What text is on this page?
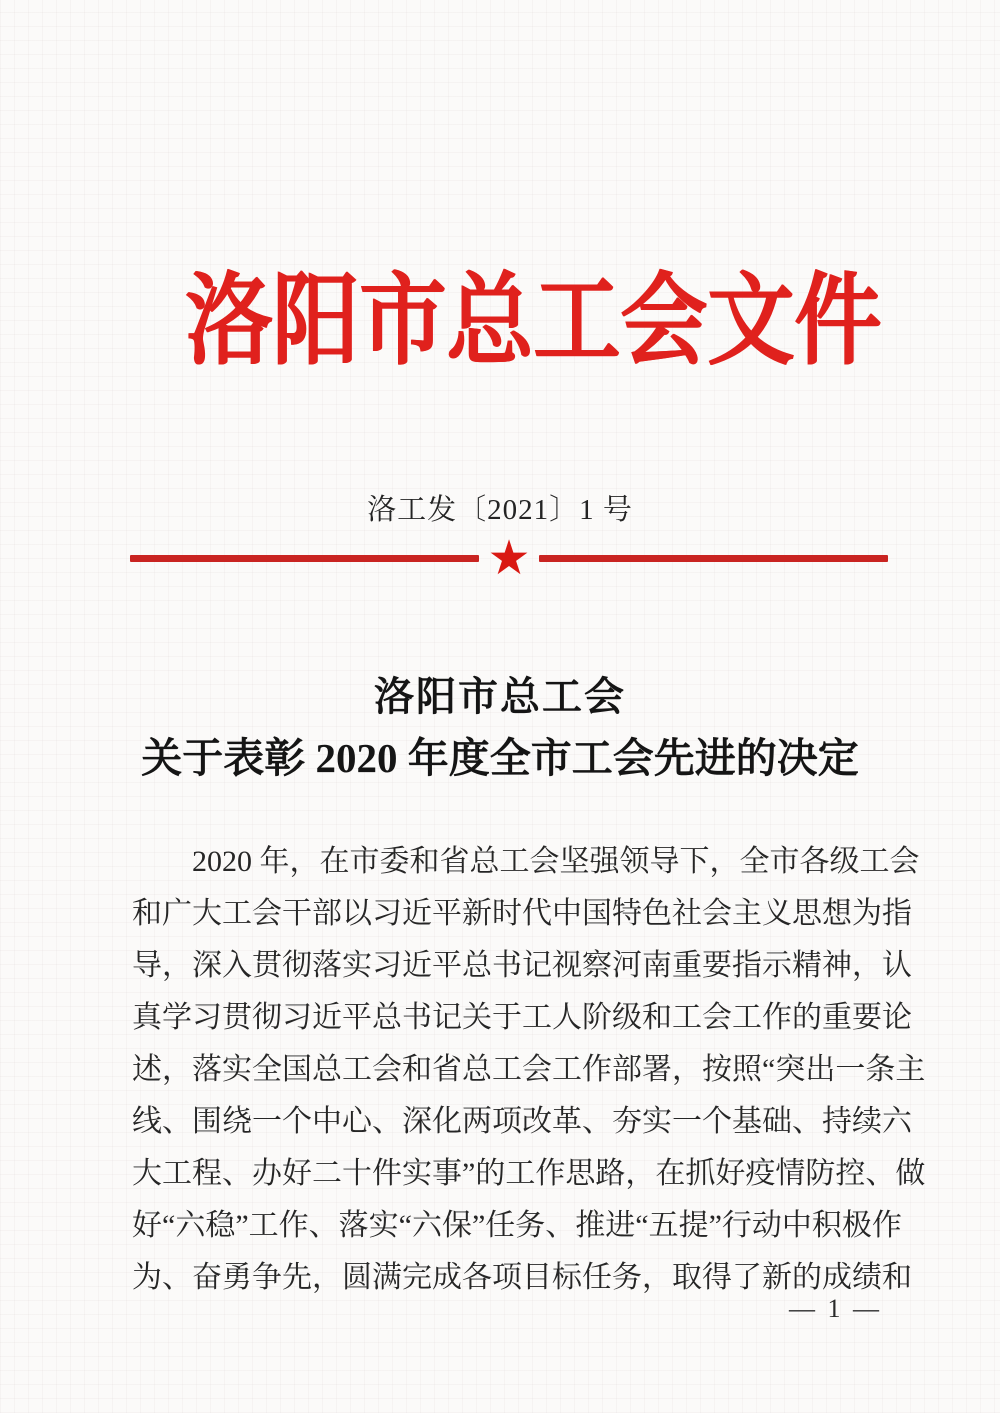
洛阳市总工会文件
洛工发〔2021〕1 号
★
洛阳市总工会
关于表彰 2020 年度全市工会先进的决定
2020 年，在市委和省总工会坚强领导下，全市各级工会
和广大工会干部以习近平新时代中国特色社会主义思想为指
导，深入贯彻落实习近平总书记视察河南重要指示精神，认
真学习贯彻习近平总书记关于工人阶级和工会工作的重要论
述，落实全国总工会和省总工会工作部署，按照“突出一条主
线、围绕一个中心、深化两项改革、夯实一个基础、持续六
大工程、办好二十件实事”的工作思路，在抓好疫情防控、做
好“六稳”工作、落实“六保”任务、推进“五提”行动中积极作
为、奋勇争先，圆满完成各项目标任务，取得了新的成绩和
— 1 —
